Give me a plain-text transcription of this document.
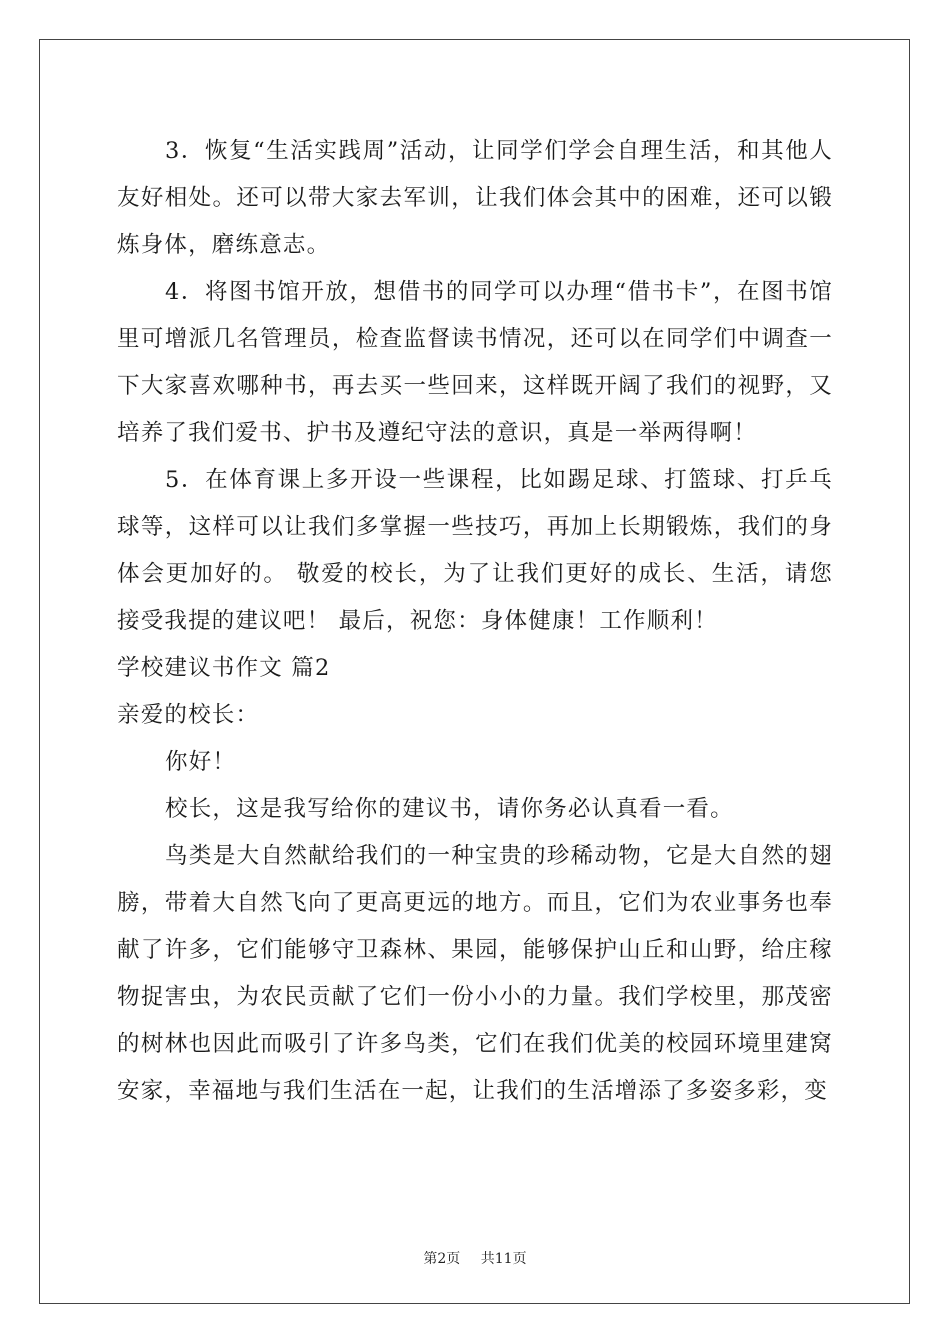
3．恢复“生活实践周”活动，让同学们学会自理生活，和其他人友好相处。还可以带大家去军训，让我们体会其中的困难，还可以锻炼身体，磨练意志。

4．将图书馆开放，想借书的同学可以办理“借书卡”，在图书馆里可增派几名管理员，检查监督读书情况，还可以在同学们中调查一下大家喜欢哪种书，再去买一些回来，这样既开阔了我们的视野，又培养了我们爱书、护书及遵纪守法的意识，真是一举两得啊！

5．在体育课上多开设一些课程，比如踢足球、打篮球、打乒乓球等，这样可以让我们多掌握一些技巧，再加上长期锻炼，我们的身体会更加好的。 敬爱的校长，为了让我们更好的成长、生活，请您接受我提的建议吧！ 最后，祝您：身体健康！工作顺利！

学校建议书作文 篇2

亲爱的校长：

你好！

校长，这是我写给你的建议书，请你务必认真看一看。

鸟类是大自然献给我们的一种宝贵的珍稀动物，它是大自然的翅膀，带着大自然飞向了更高更远的地方。而且，它们为农业事务也奉献了许多，它们能够守卫森林、果园，能够保护山丘和山野，给庄稼物捉害虫，为农民贡献了它们一份小小的力量。我们学校里，那茂密的树林也因此而吸引了许多鸟类，它们在我们优美的校园环境里建窝安家，幸福地与我们生活在一起，让我们的生活增添了多姿多彩，变

第2页 共11页
